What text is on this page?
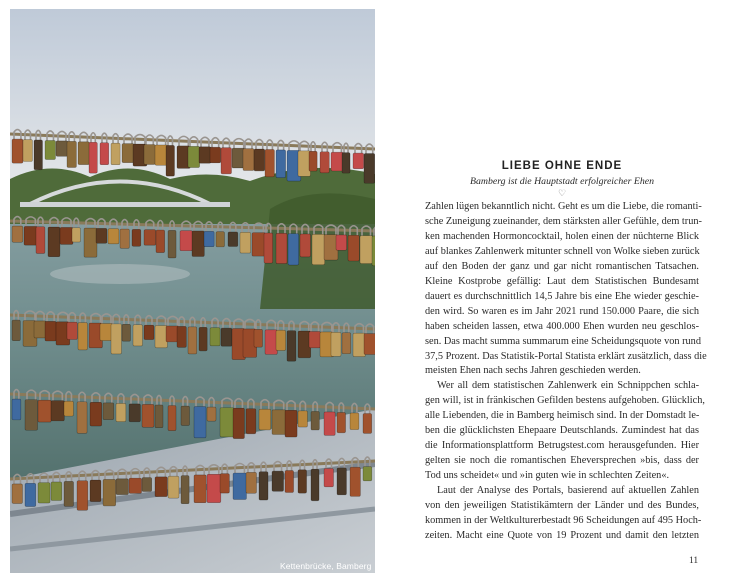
Kettenbrücke, Bamberg
LIEBE OHNE ENDE
Bamberg ist die Hauptstadt erfolgreicher Ehen
♡
Zahlen lügen bekanntlich nicht. Geht es um die Liebe, die romanti-
sche Zuneigung zueinander, dem stärksten aller Gefühle, dem trun-
ken machenden Hormoncocktail, holen einen der nüchterne Blick
auf blankes Zahlenwerk mitunter schnell von Wolke sieben zurück
auf den Boden der ganz und gar nicht romantischen Tatsachen.
Kleine Kostprobe gefällig: Laut dem Statistischen Bundesamt
dauert es durchschnittlich 14,5 Jahre bis eine Ehe wieder geschie-
den wird. So waren es im Jahr 2021 rund 150.000 Paare, die sich
haben scheiden lassen, etwa 400.000 Ehen wurden neu geschlos-
sen. Das macht summa summarum eine Scheidungsquote von rund
37,5 Prozent. Das Statistik-Portal Statista erklärt zusätzlich, dass die
meisten Ehen nach sechs Jahren geschieden werden.
Wer all dem statistischen Zahlenwerk ein Schnippchen schla-
gen will, ist in fränkischen Gefilden bestens aufgehoben. Glücklich,
alle Liebenden, die in Bamberg heimisch sind. In der Domstadt le-
ben die glücklichsten Ehepaare Deutschlands. Zumindest hat das
die Informationsplattform Betrugstest.com herausgefunden. Hier
gelten sie noch die romantischen Eheversprechen »bis, dass der
Tod uns scheidet« und »in guten wie in schlechten Zeiten«.
Laut der Analyse des Portals, basierend auf aktuellen Zahlen
von den jeweiligen Statistikämtern der Länder und des Bundes,
kommen in der Weltkulturerbestadt 96 Scheidungen auf 495 Hoch-
zeiten. Macht eine Quote von 19 Prozent und damit den letzten
11
